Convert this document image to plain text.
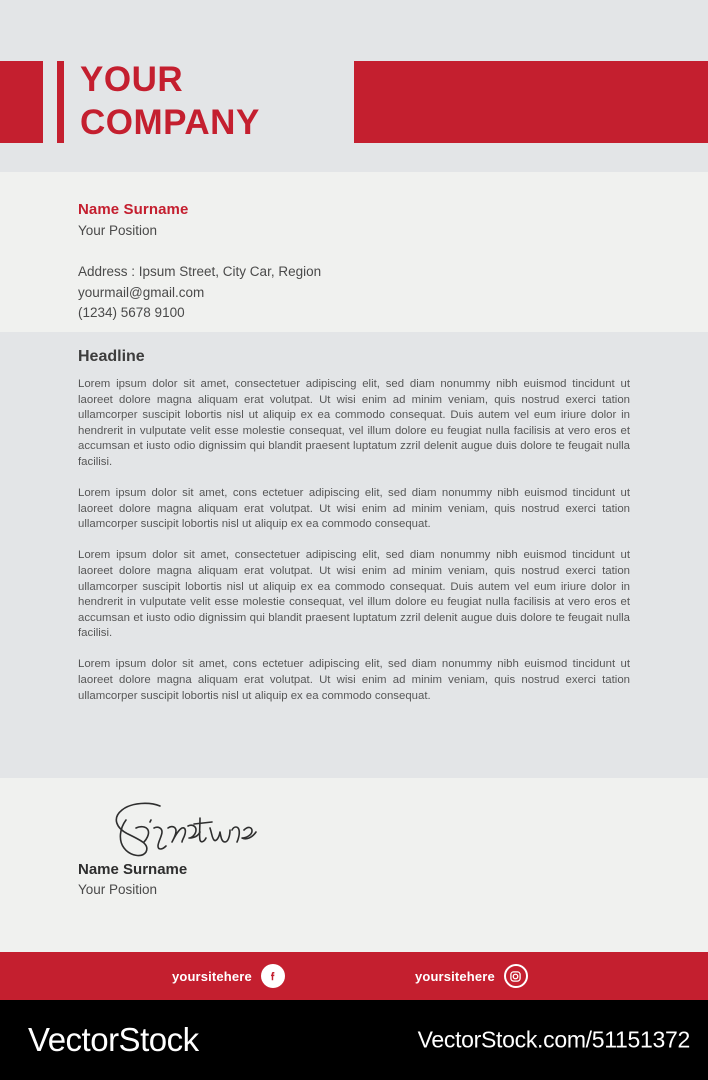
YOUR
COMPANY
Name Surname
Your Position
Address : Ipsum Street, City Car, Region
yourmail@gmail.com
(1234) 5678 9100
Headline

Lorem ipsum dolor sit amet, consectetuer adipiscing elit, sed diam nonummy nibh euismod tincidunt ut laoreet dolore magna aliquam erat volutpat. Ut wisi enim ad minim veniam, quis nostrud exerci tation ullamcorper suscipit lobortis nisl ut aliquip ex ea commodo consequat. Duis autem vel eum iriure dolor in hendrerit in vulputate velit esse molestie consequat, vel illum dolore eu feugiat nulla facilisis at vero eros et accumsan et iusto odio dignissim qui blandit praesent luptatum zzril delenit augue duis dolore te feugait nulla facilisi.

Lorem ipsum dolor sit amet, cons ectetuer adipiscing elit, sed diam nonummy nibh euismod tincidunt ut laoreet dolore magna aliquam erat volutpat. Ut wisi enim ad minim veniam, quis nostrud exerci tation ullamcorper suscipit lobortis nisl ut aliquip ex ea commodo consequat.

Lorem ipsum dolor sit amet, consectetuer adipiscing elit, sed diam nonummy nibh euismod tincidunt ut laoreet dolore magna aliquam erat volutpat. Ut wisi enim ad minim veniam, quis nostrud exerci tation ullamcorper suscipit lobortis nisl ut aliquip ex ea commodo consequat. Duis autem vel eum iriure dolor in hendrerit in vulputate velit esse molestie consequat, vel illum dolore eu feugiat nulla facilisis at vero eros et accumsan et iusto odio dignissim qui blandit praesent luptatum zzril delenit augue duis dolore te feugait nulla facilisi.

Lorem ipsum dolor sit amet, cons ectetuer adipiscing elit, sed diam nonummy nibh euismod tincidunt ut laoreet dolore magna aliquam erat volutpat. Ut wisi enim ad minim veniam, quis nostrud exerci tation ullamcorper suscipit lobortis nisl ut aliquip ex ea commodo consequat.

Name Surname
Your Position
yoursitehere	yoursitehere
VectorStock	VectorStock.com/51151372
